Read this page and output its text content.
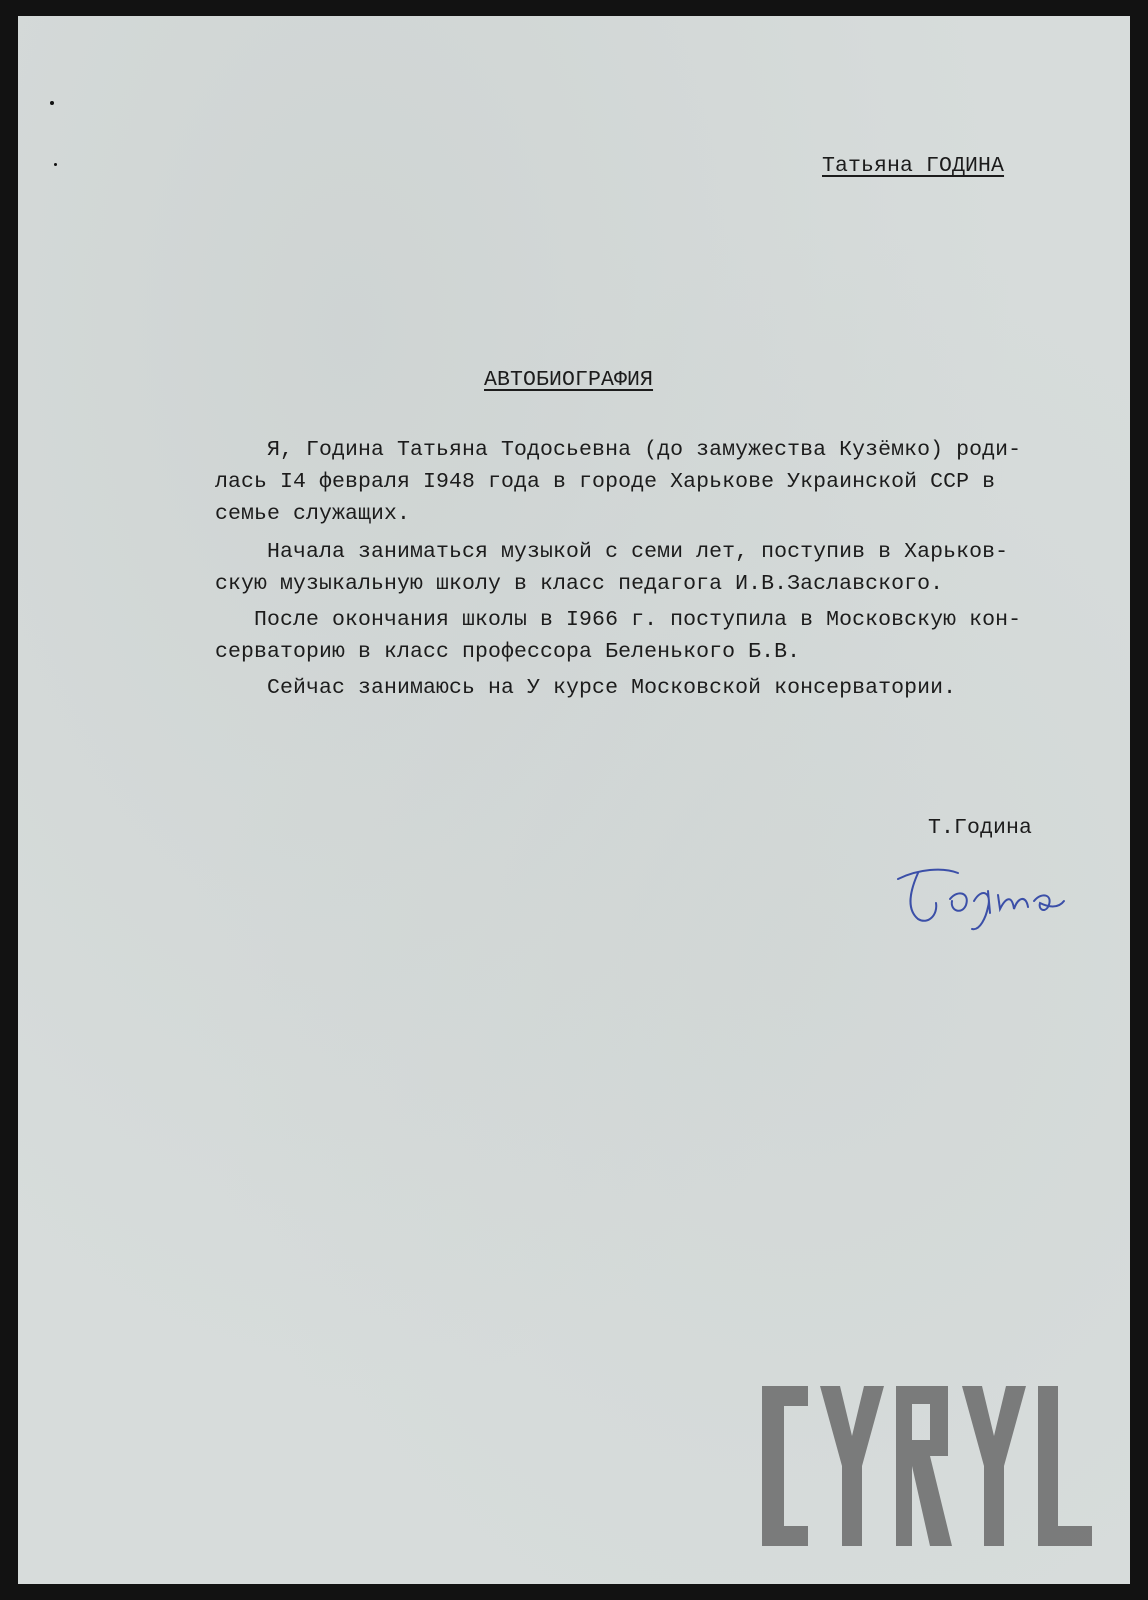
Татьяна ГОДИНА
АВТОБИОГРАФИЯ
Я, Година Татьяна Тодосьевна (до замужества Кузёмко) роди-
лась I4 февраля I948 года в городе Харькове Украинской ССР в
семье служащих.
Начала заниматься музыкой с семи лет, поступив в Харьков-
скую музыкальную школу в класс педагога И.В.Заславского.
После окончания школы в I966 г. поступила в Московскую кон-
серваторию в класс профессора Беленького Б.В.
Сейчас занимаюсь на У курсе Московской консерватории.
Т.Година
